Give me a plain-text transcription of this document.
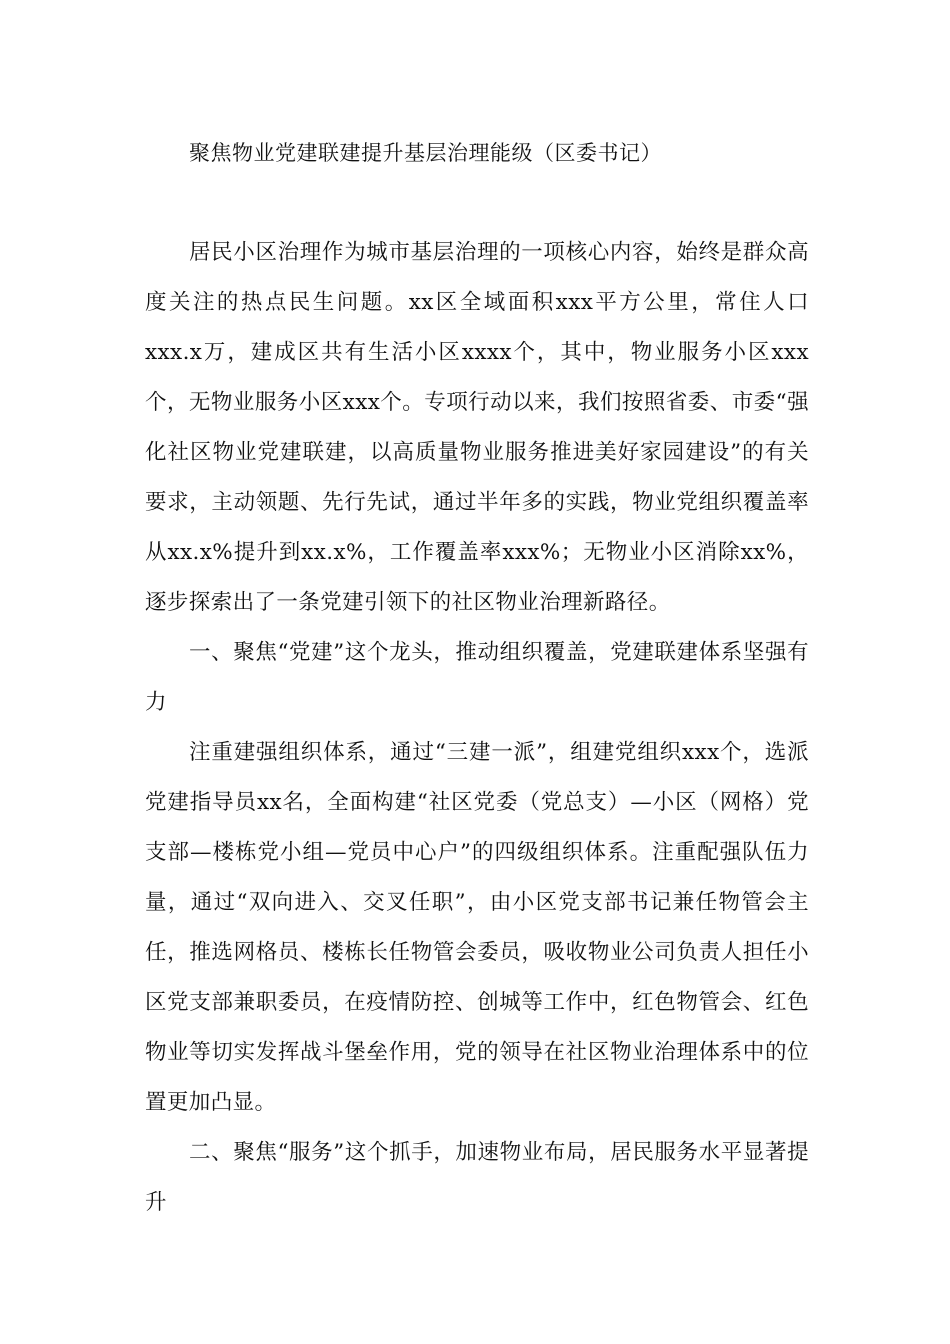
聚焦物业党建联建提升基层治理能级（区委书记）

居民小区治理作为城市基层治理的一项核心内容，始终是群众高度关注的热点民生问题。xx区全域面积xxx平方公里，常住人口xxx.x万，建成区共有生活小区xxxx个，其中，物业服务小区xxx个，无物业服务小区xxx个。专项行动以来，我们按照省委、市委“强化社区物业党建联建，以高质量物业服务推进美好家园建设”的有关要求，主动领题、先行先试，通过半年多的实践，物业党组织覆盖率从xx.x%提升到xx.x%，工作覆盖率xxx%；无物业小区消除xx%，逐步探索出了一条党建引领下的社区物业治理新路径。

一、聚焦“党建”这个龙头，推动组织覆盖，党建联建体系坚强有力

注重建强组织体系，通过“三建一派”，组建党组织xxx个，选派党建指导员xx名，全面构建“社区党委（党总支）—小区（网格）党支部—楼栋党小组—党员中心户”的四级组织体系。注重配强队伍力量，通过“双向进入、交叉任职”，由小区党支部书记兼任物管会主任，推选网格员、楼栋长任物管会委员，吸收物业公司负责人担任小区党支部兼职委员，在疫情防控、创城等工作中，红色物管会、红色物业等切实发挥战斗堡垒作用，党的领导在社区物业治理体系中的位置更加凸显。

二、聚焦“服务”这个抓手，加速物业布局，居民服务水平显著提升
